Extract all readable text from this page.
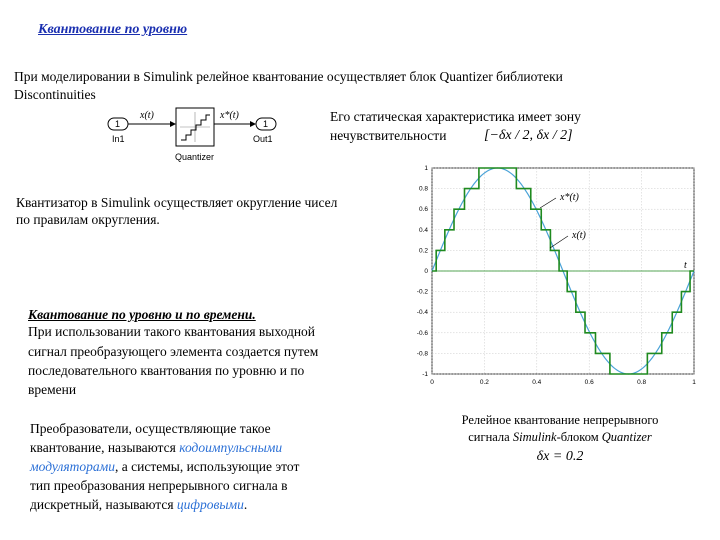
Квантование по уровню
При моделировании в Simulink релейное квантование осуществляет блок Quantizer библиотеки
Discontinuities
Его статическая характеристика имеет зону
нечувствительности	[−δx / 2, δx / 2]
1
In1
x(t)
Quantizer
x*(t)
1
Out1
Квантизатор в Simulink осуществляет округление чисел
по правилам округления.
Квантование по уровню и по времени.
При использовании такого квантования выходной
сигнал преобразующего элемента создается путем
последовательного квантования по уровню и по
времени
Преобразователи, осуществляющие такое
квантование, называются кодоимпульсными
модуляторами, а системы, использующие этот
тип преобразования непрерывного сигнала в
дискретный, называются цифровыми.
0	0.2	0.4	0.6	0.8	1
1
0.8
0.6
0.4
0.2
0
-0.2
-0.4
-0.6
-0.8
-1
x*(t)
x(t)
t
Релейное квантование непрерывного
сигнала Simulink-блоком Quantizer
δx = 0.2
